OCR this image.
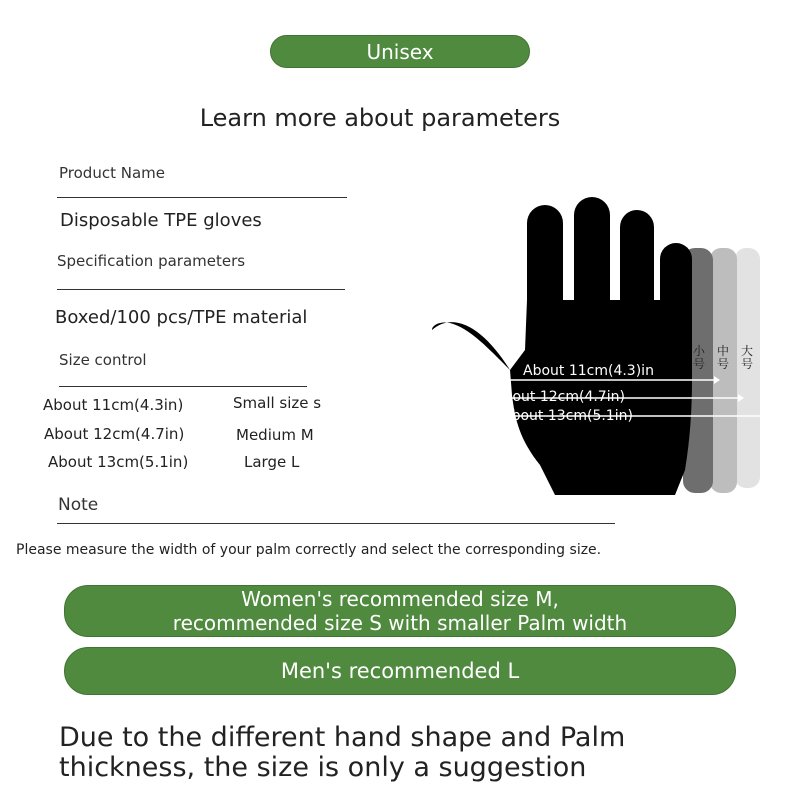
Unisex
Learn more about parameters
Product Name
Disposable TPE gloves
Specification parameters
Boxed/100 pcs/TPE material
Size control
About 11cm(4.3in)	Small size s
About 12cm(4.7in)	Medium M
About 13cm(5.1in)	Large L
About 11cm(4.3)in
About 12cm(4.7in)
About 13cm(5.1in)
小
号
中
号
大
号
Note
Please measure the width of your palm correctly and select the corresponding size.
Women's recommended size M,
recommended size S with smaller Palm width
Men's recommended L
Due to the different hand shape and Palm
thickness, the size is only a suggestion
